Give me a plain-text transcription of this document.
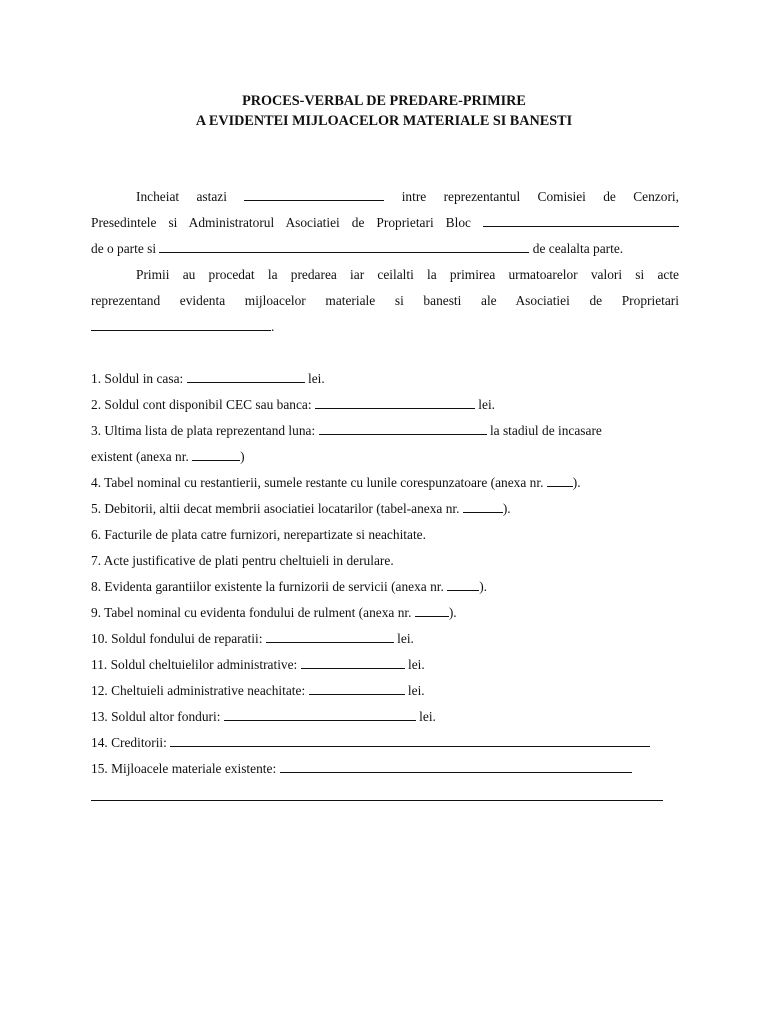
PROCES-VERBAL DE PREDARE-PRIMIRE
A EVIDENTEI MIJLOACELOR MATERIALE SI BANESTI

Incheiat astazi	intre reprezentantul Comisiei de Cenzori,

Presedintele si Administratorul Asociatiei de Proprietari Bloc

de o parte si	de cealalta parte.

Primii au procedat la predarea iar ceilalti la primirea urmatoarelor valori si acte

reprezentand evidenta mijloacelor materiale si banesti ale Asociatiei de Proprietari

.

1. Soldul in casa:	lei.
2. Soldul cont disponibil CEC sau banca:	lei.
3. Ultima lista de plata reprezentand luna:	la stadiul de incasare
existent (anexa nr.	)
4. Tabel nominal cu restantierii, sumele restante cu lunile corespunzatoare (anexa nr. ).
5. Debitorii, altii decat membrii asociatiei locatarilor (tabel-anexa nr.	).
6. Facturile de plata catre furnizori, nerepartizate si neachitate.
7. Acte justificative de plati pentru cheltuieli in derulare.
8. Evidenta garantiilor existente la furnizorii de servicii (anexa nr.	).
9. Tabel nominal cu evidenta fondului de rulment (anexa nr.	).
10. Soldul fondului de reparatii:	lei.
11. Soldul cheltuielilor administrative:	lei.
12. Cheltuieli administrative neachitate:	lei.
13. Soldul altor fonduri:	lei.
14. Creditorii:
15. Mijloacele materiale existente:
